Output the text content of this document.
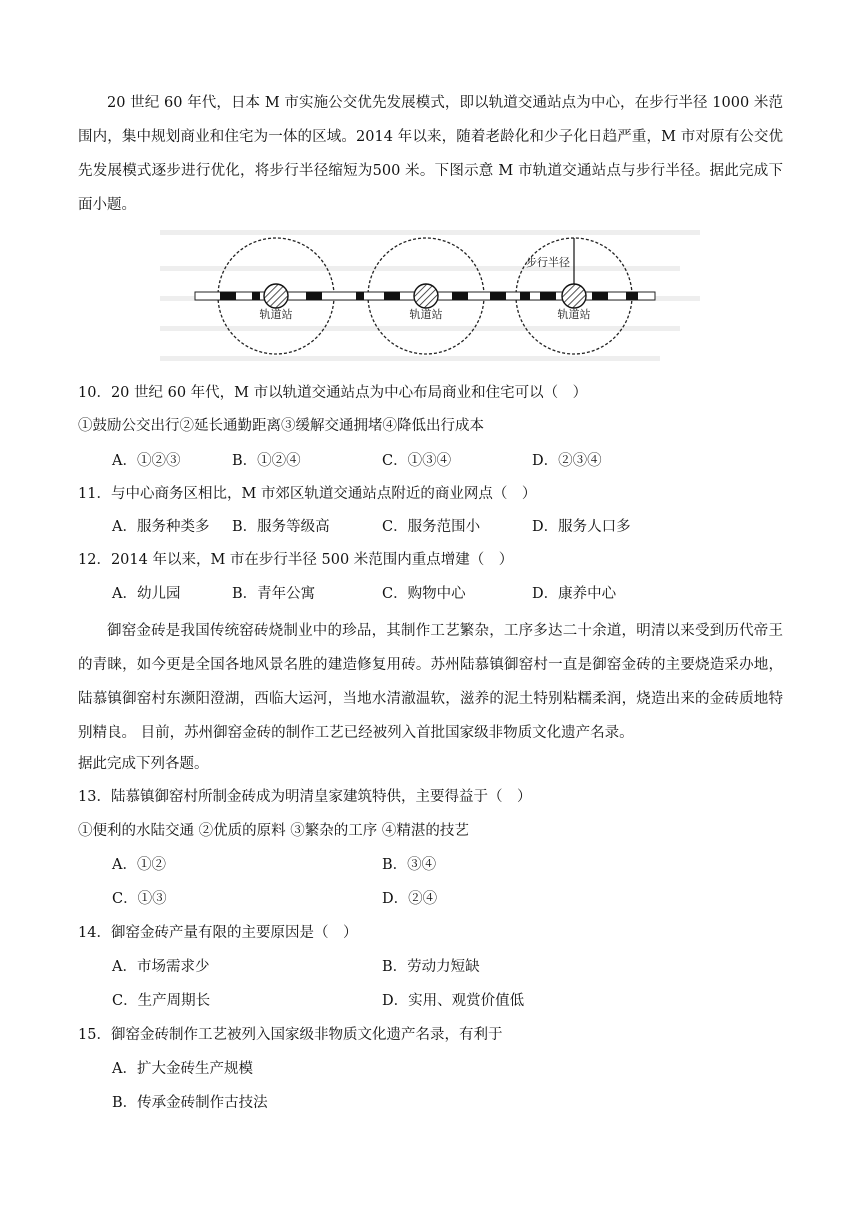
20 世纪 60 年代，日本 M 市实施公交优先发展模式，即以轨道交通站点为中心，在步行半径 1000 米范围内，集中规划商业和住宅为一体的区域。2014 年以来，随着老龄化和少子化日趋严重，M 市对原有公交优先发展模式逐步进行优化，将步行半径缩短为500 米。下图示意 M 市轨道交通站点与步行半径。据此完成下面小题。

轨道站	轨道站	轨道站
步行半径
10．20 世纪 60 年代，M 市以轨道交通站点为中心布局商业和住宅可以（　）
①鼓励公交出行②延长通勤距离③缓解交通拥堵④降低出行成本
A．①②③	B．①②④	C．①③④	D．②③④
11．与中心商务区相比，M 市郊区轨道交通站点附近的商业网点（　）
A．服务种类多 B．服务等级高	C．服务范围小	D．服务人口多
12．2014 年以来，M 市在步行半径 500 米范围内重点增建（　）
A．幼儿园	B．青年公寓	C．购物中心	D．康养中心

御窑金砖是我国传统窑砖烧制业中的珍品，其制作工艺繁杂，工序多达二十余道，明清以来受到历代帝王的青睐，如今更是全国各地风景名胜的建造修复用砖。苏州陆慕镇御窑村一直是御窑金砖的主要烧造采办地，陆慕镇御窑村东濒阳澄湖，西临大运河，当地水清澈温软，滋养的泥土特别粘糯柔润，烧造出来的金砖质地特别精良。 目前，苏州御窑金砖的制作工艺已经被列入首批国家级非物质文化遗产名录。

据此完成下列各题。
13．陆慕镇御窑村所制金砖成为明清皇家建筑特供，主要得益于（　）
①便利的水陆交通 ②优质的原料 ③繁杂的工序 ④精湛的技艺
A．①②	B．③④
C．①③	D．②④
14．御窑金砖产量有限的主要原因是（　）
A．市场需求少	B．劳动力短缺
C．生产周期长	D．实用、观赏价值低
15．御窑金砖制作工艺被列入国家级非物质文化遗产名录，有利于
A．扩大金砖生产规模
B．传承金砖制作古技法
